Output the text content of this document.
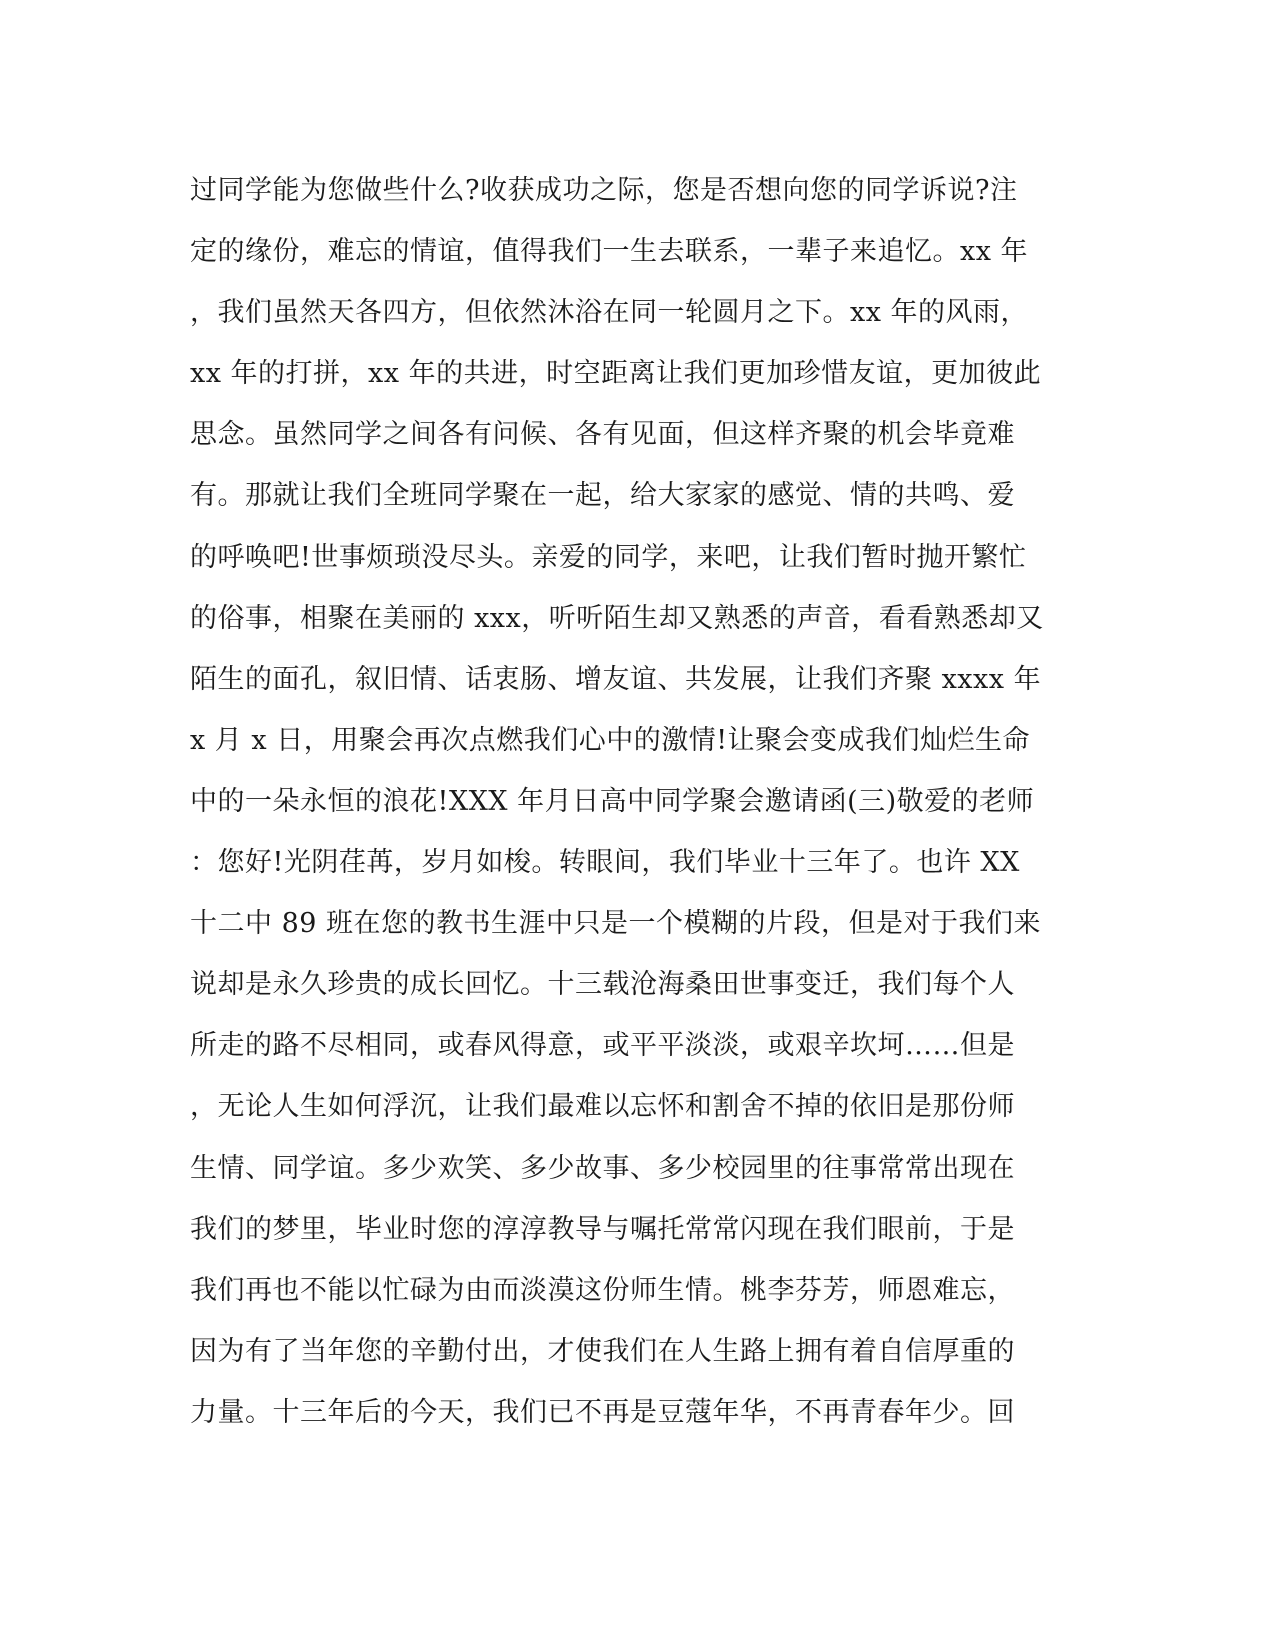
过同学能为您做些什么?收获成功之际，您是否想向您的同学诉说?注
定的缘份，难忘的情谊，值得我们一生去联系，一辈子来追忆。xx 年
，我们虽然天各四方，但依然沐浴在同一轮圆月之下。xx 年的风雨，
xx 年的打拼，xx 年的共进，时空距离让我们更加珍惜友谊，更加彼此
思念。虽然同学之间各有问候、各有见面，但这样齐聚的机会毕竟难
有。那就让我们全班同学聚在一起，给大家家的感觉、情的共鸣、爱
的呼唤吧!世事烦琐没尽头。亲爱的同学，来吧，让我们暂时抛开繁忙
的俗事，相聚在美丽的 xxx，听听陌生却又熟悉的声音，看看熟悉却又
陌生的面孔，叙旧情、话衷肠、增友谊、共发展，让我们齐聚 xxxx 年
x 月 x 日，用聚会再次点燃我们心中的激情!让聚会变成我们灿烂生命
中的一朵永恒的浪花!XXX 年月日高中同学聚会邀请函(三)敬爱的老师
：您好!光阴荏苒，岁月如梭。转眼间，我们毕业十三年了。也许 XX
十二中 89 班在您的教书生涯中只是一个模糊的片段，但是对于我们来
说却是永久珍贵的成长回忆。十三载沧海桑田世事变迁，我们每个人
所走的路不尽相同，或春风得意，或平平淡淡，或艰辛坎坷……但是
，无论人生如何浮沉，让我们最难以忘怀和割舍不掉的依旧是那份师
生情、同学谊。多少欢笑、多少故事、多少校园里的往事常常出现在
我们的梦里，毕业时您的淳淳教导与嘱托常常闪现在我们眼前，于是
我们再也不能以忙碌为由而淡漠这份师生情。桃李芬芳，师恩难忘，
因为有了当年您的辛勤付出，才使我们在人生路上拥有着自信厚重的
力量。十三年后的今天，我们已不再是豆蔻年华，不再青春年少。回
